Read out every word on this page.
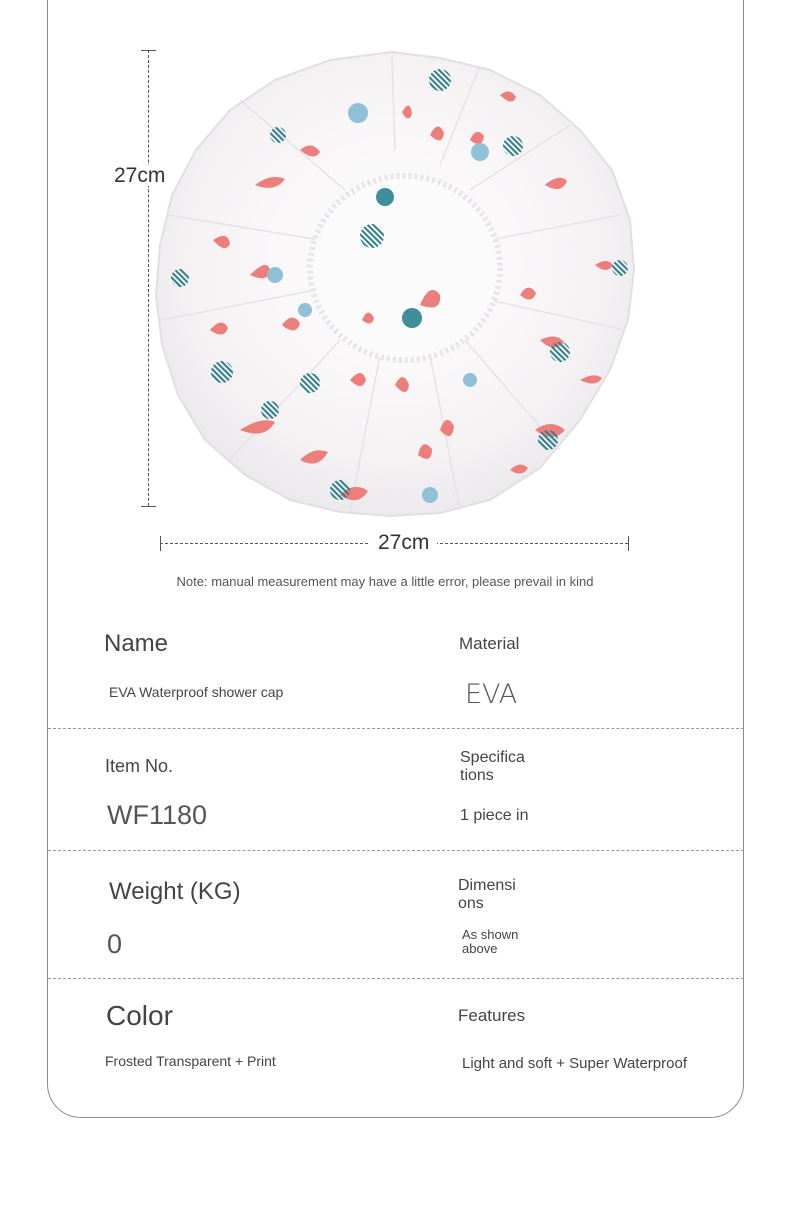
27cm
27cm
Note: manual measurement may have a little error, please prevail in kind
Name
EVA Waterproof shower cap
Material
EVA
Item No.
WF1180
Specifica tions
1 piece in
Weight (KG)
0
Dimensi ons
As shown above
Color
Frosted Transparent + Print
Features
Light and soft + Super Waterproof
